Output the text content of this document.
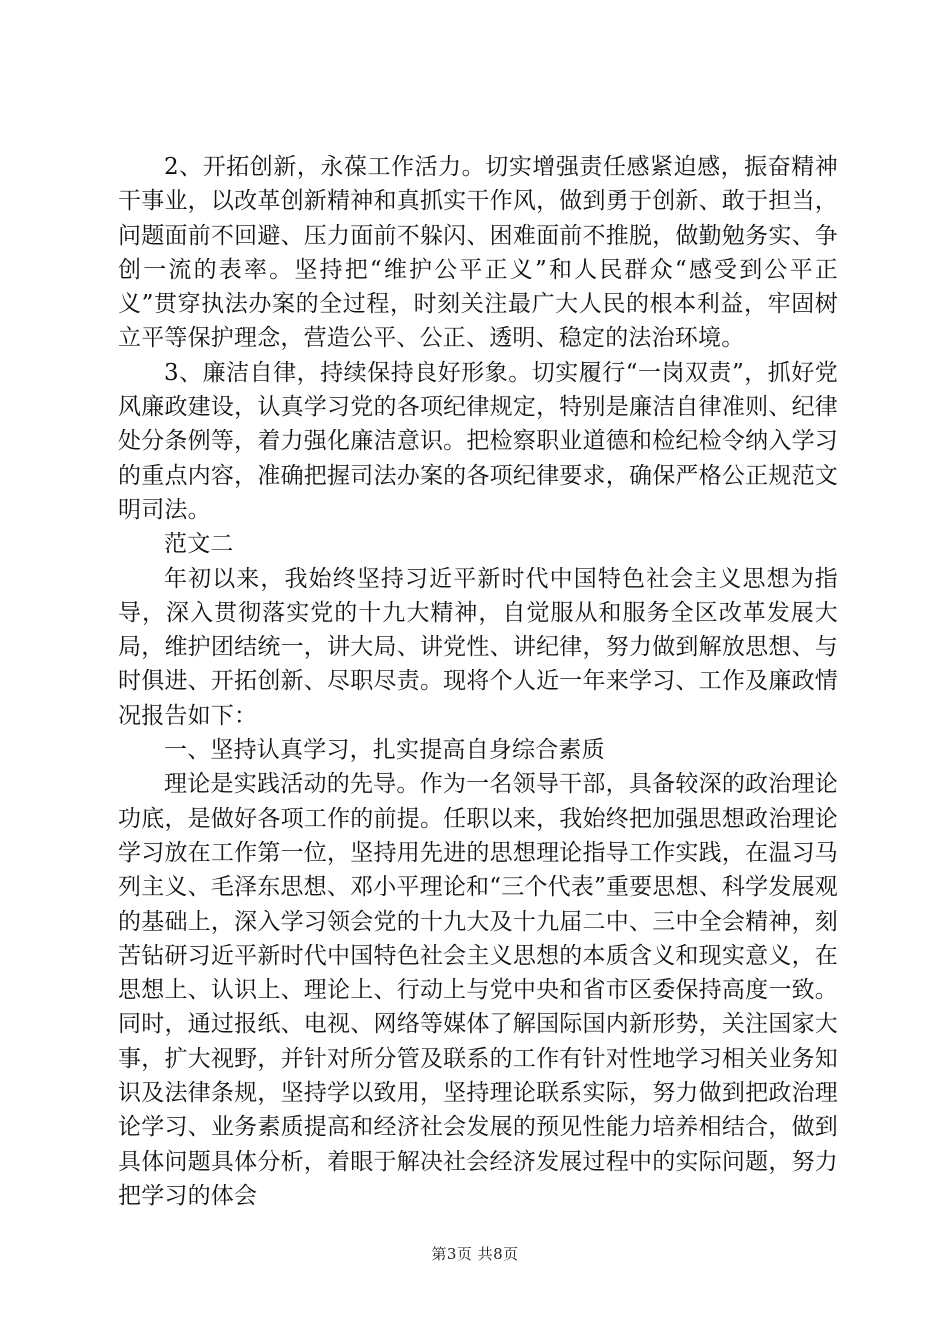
2、开拓创新，永葆工作活力。切实增强责任感紧迫感，振奋精神干事业，以改革创新精神和真抓实干作风，做到勇于创新、敢于担当，问题面前不回避、压力面前不躲闪、困难面前不推脱，做勤勉务实、争创一流的表率。坚持把“维护公平正义”和人民群众“感受到公平正义”贯穿执法办案的全过程，时刻关注最广大人民的根本利益，牢固树立平等保护理念，营造公平、公正、透明、稳定的法治环境。

3、廉洁自律，持续保持良好形象。切实履行“一岗双责”，抓好党风廉政建设，认真学习党的各项纪律规定，特别是廉洁自律准则、纪律处分条例等，着力强化廉洁意识。把检察职业道德和检纪检令纳入学习的重点内容，准确把握司法办案的各项纪律要求，确保严格公正规范文明司法。

范文二

年初以来，我始终坚持习近平新时代中国特色社会主义思想为指导，深入贯彻落实党的十九大精神，自觉服从和服务全区改革发展大局，维护团结统一，讲大局、讲党性、讲纪律，努力做到解放思想、与时俱进、开拓创新、尽职尽责。现将个人近一年来学习、工作及廉政情况报告如下：

一、坚持认真学习，扎实提高自身综合素质

理论是实践活动的先导。作为一名领导干部，具备较深的政治理论功底，是做好各项工作的前提。任职以来，我始终把加强思想政治理论学习放在工作第一位，坚持用先进的思想理论指导工作实践，在温习马列主义、毛泽东思想、邓小平理论和“三个代表”重要思想、科学发展观的基础上，深入学习领会党的十九大及十九届二中、三中全会精神，刻苦钻研习近平新时代中国特色社会主义思想的本质含义和现实意义，在思想上、认识上、理论上、行动上与党中央和省市区委保持高度一致。同时，通过报纸、电视、网络等媒体了解国际国内新形势，关注国家大事，扩大视野，并针对所分管及联系的工作有针对性地学习相关业务知识及法律条规，坚持学以致用，坚持理论联系实际，努力做到把政治理论学习、业务素质提高和经济社会发展的预见性能力培养相结合，做到具体问题具体分析，着眼于解决社会经济发展过程中的实际问题，努力把学习的体会

第3页 共8页
